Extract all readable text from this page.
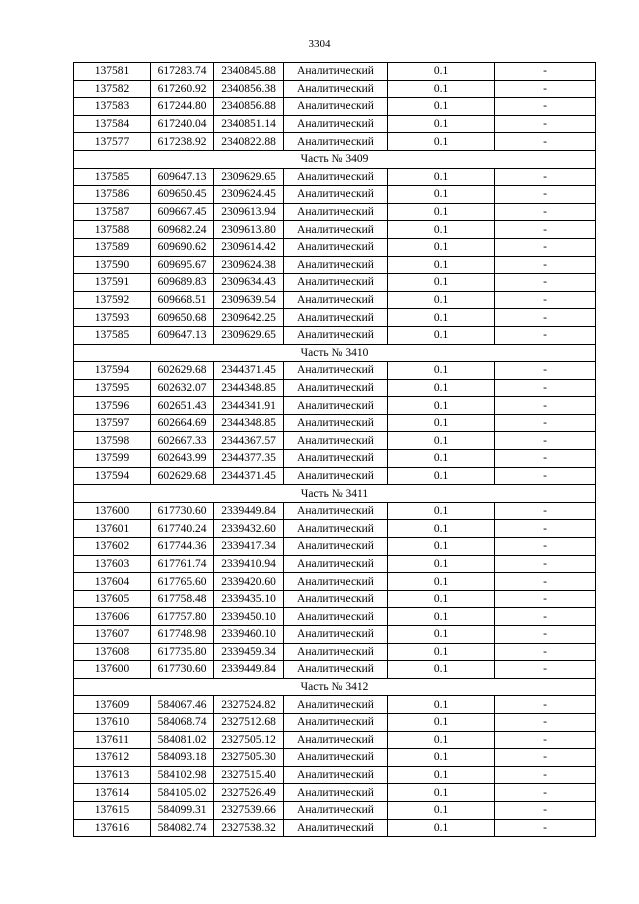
3304
137581	617283.74	2340845.88	Аналитический	0.1	-
137582	617260.92	2340856.38	Аналитический	0.1	-
137583	617244.80	2340856.88	Аналитический	0.1	-
137584	617240.04	2340851.14	Аналитический	0.1	-
137577	617238.92	2340822.88	Аналитический	0.1	-
Часть № 3409					
137585	609647.13	2309629.65	Аналитический	0.1	-
137586	609650.45	2309624.45	Аналитический	0.1	-
137587	609667.45	2309613.94	Аналитический	0.1	-
137588	609682.24	2309613.80	Аналитический	0.1	-
137589	609690.62	2309614.42	Аналитический	0.1	-
137590	609695.67	2309624.38	Аналитический	0.1	-
137591	609689.83	2309634.43	Аналитический	0.1	-
137592	609668.51	2309639.54	Аналитический	0.1	-
137593	609650.68	2309642.25	Аналитический	0.1	-
137585	609647.13	2309629.65	Аналитический	0.1	-
Часть № 3410					
137594	602629.68	2344371.45	Аналитический	0.1	-
137595	602632.07	2344348.85	Аналитический	0.1	-
137596	602651.43	2344341.91	Аналитический	0.1	-
137597	602664.69	2344348.85	Аналитический	0.1	-
137598	602667.33	2344367.57	Аналитический	0.1	-
137599	602643.99	2344377.35	Аналитический	0.1	-
137594	602629.68	2344371.45	Аналитический	0.1	-
Часть № 3411					
137600	617730.60	2339449.84	Аналитический	0.1	-
137601	617740.24	2339432.60	Аналитический	0.1	-
137602	617744.36	2339417.34	Аналитический	0.1	-
137603	617761.74	2339410.94	Аналитический	0.1	-
137604	617765.60	2339420.60	Аналитический	0.1	-
137605	617758.48	2339435.10	Аналитический	0.1	-
137606	617757.80	2339450.10	Аналитический	0.1	-
137607	617748.98	2339460.10	Аналитический	0.1	-
137608	617735.80	2339459.34	Аналитический	0.1	-
137600	617730.60	2339449.84	Аналитический	0.1	-
Часть № 3412					
137609	584067.46	2327524.82	Аналитический	0.1	-
137610	584068.74	2327512.68	Аналитический	0.1	-
137611	584081.02	2327505.12	Аналитический	0.1	-
137612	584093.18	2327505.30	Аналитический	0.1	-
137613	584102.98	2327515.40	Аналитический	0.1	-
137614	584105.02	2327526.49	Аналитический	0.1	-
137615	584099.31	2327539.66	Аналитический	0.1	-
137616	584082.74	2327538.32	Аналитический	0.1	-
